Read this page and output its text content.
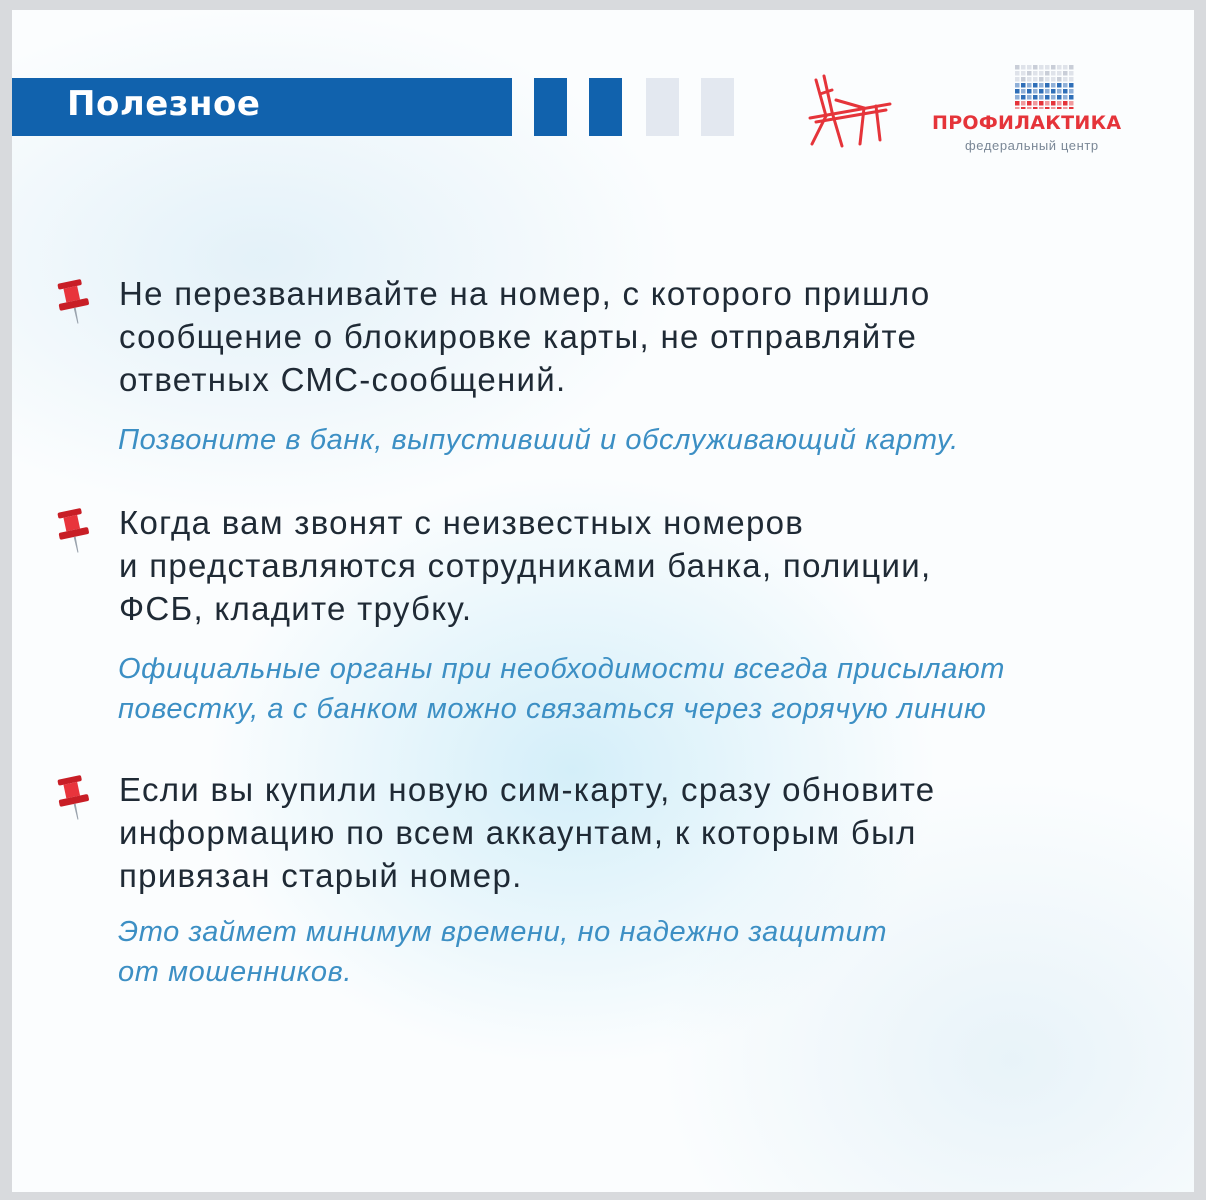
Полезное	ПРОФИЛАКТИКА
федеральный центр
Не перезванивайте на номер, с которого пришло
сообщение о блокировке карты, не отправляйте
ответных СМС-сообщений.
Позвоните в банк, выпустивший и обслуживающий карту.
Когда вам звонят с неизвестных номеров
и представляются сотрудниками банка, полиции,
ФСБ, кладите трубку.
Официальные органы при необходимости всегда присылают
повестку, а с банком можно связаться через горячую линию
Если вы купили новую сим-карту, сразу обновите
информацию по всем аккаунтам, к которым был
привязан старый номер.
Это займет минимум времени, но надежно защитит
от мошенников.
